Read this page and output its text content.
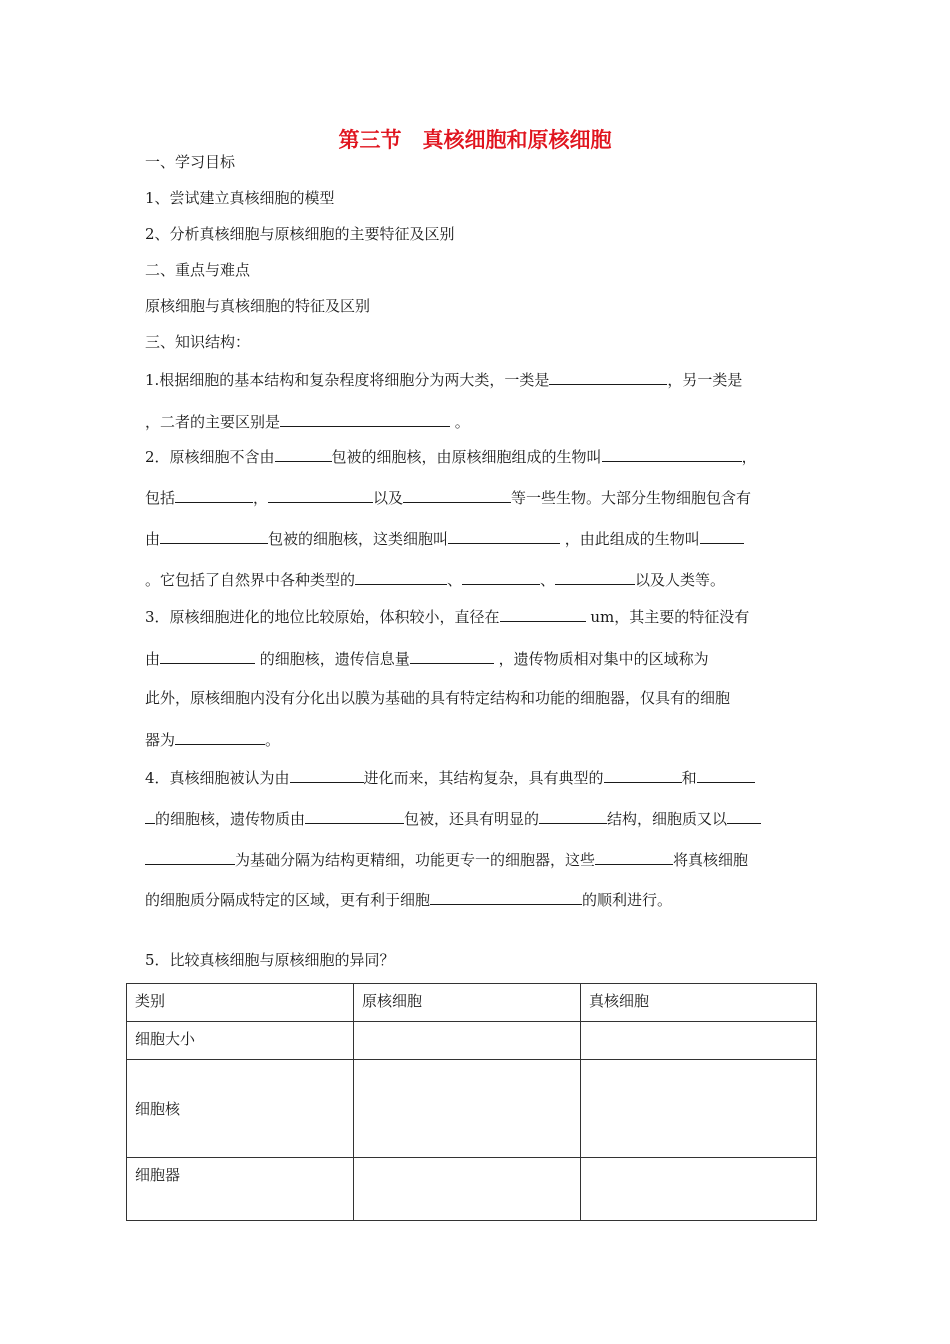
第三节　真核细胞和原核细胞
一、学习目标
1、尝试建立真核细胞的模型
2、分析真核细胞与原核细胞的主要特征及区别
二、重点与难点
原核细胞与真核细胞的特征及区别
三、知识结构：
1.根据细胞的基本结构和复杂程度将细胞分为两大类，一类是	，另一类是
，二者的主要区别是	。
2．原核细胞不含由	包被的细胞核，由原核细胞组成的生物叫	，
包括	，	以及	等一些生物。大部分生物细胞包含有
由	包被的细胞核，这类细胞叫	，由此组成的生物叫
。它包括了自然界中各种类型的	、	、	以及人类等。
3．原核细胞进化的地位比较原始，体积较小，直径在	um，其主要的特征没有
由	的细胞核，遗传信息量	，遗传物质相对集中的区域称为
此外，原核细胞内没有分化出以膜为基础的具有特定结构和功能的细胞器，仅具有的细胞
器为	。
4．真核细胞被认为由	进化而来，其结构复杂，具有典型的	和
的细胞核，遗传物质由	包被，还具有明显的	结构，细胞质又以
为基础分隔为结构更精细，功能更专一的细胞器，这些	将真核细胞
的细胞质分隔成特定的区域，更有利于细胞	的顺利进行。
5．比较真核细胞与原核细胞的异同？
类别	原核细胞	真核细胞
细胞大小		
细胞核		
细胞器		
